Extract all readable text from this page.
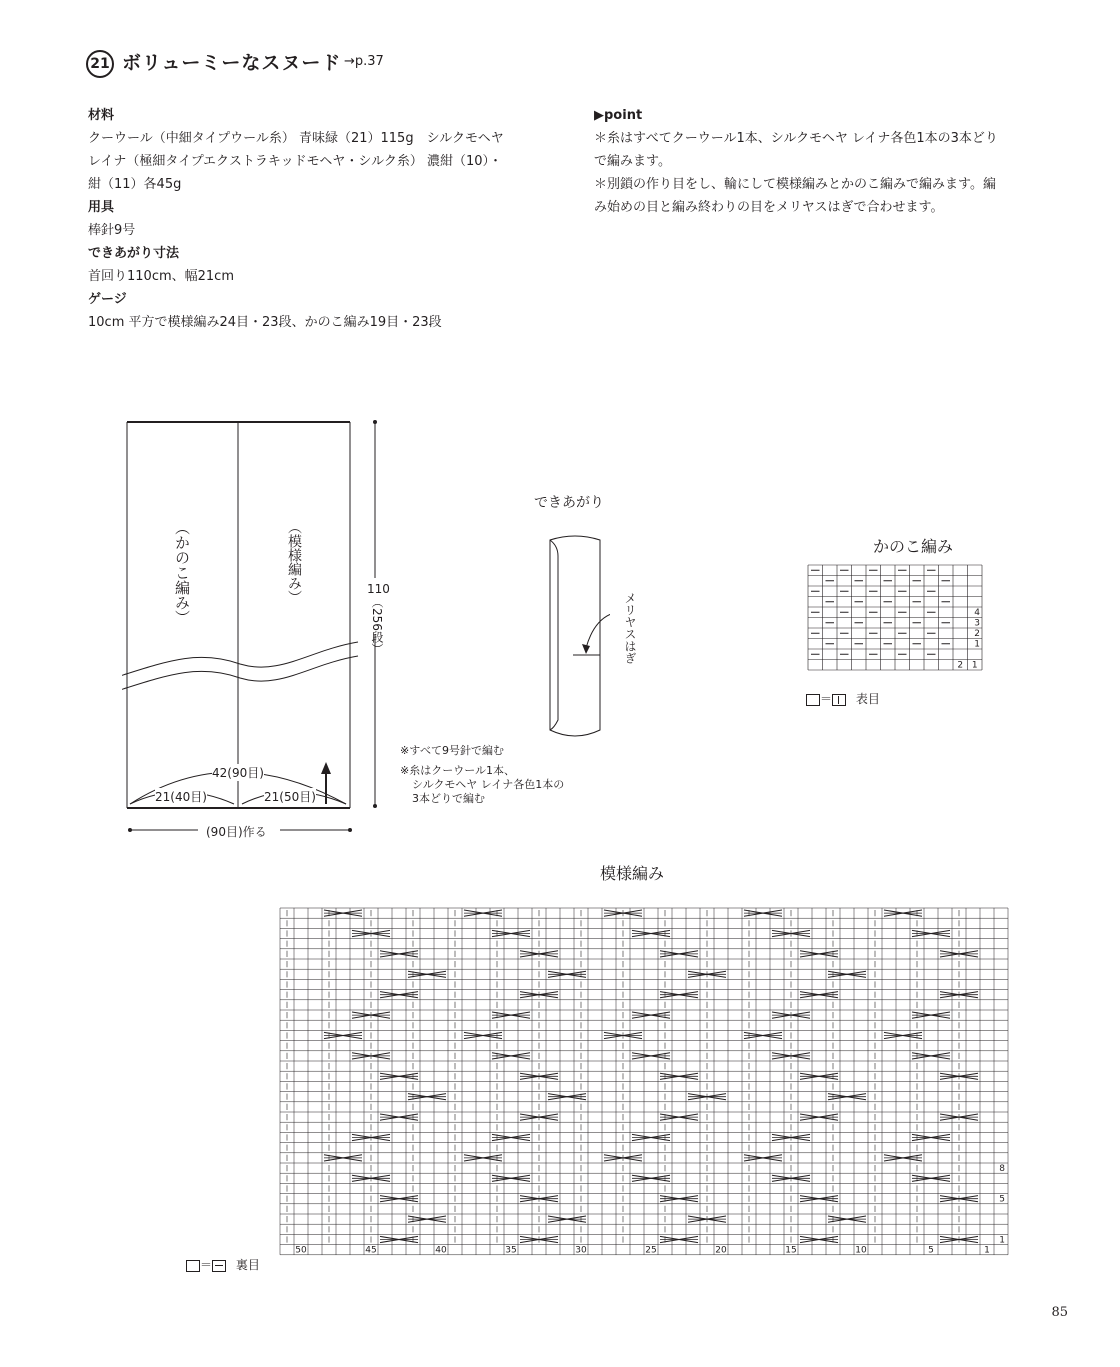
21 ボリューミーなスヌード →p.37
材料
クーウール（中細タイプウール糸） 青味緑（21）115g　シルクモヘヤ
レイナ（極細タイプエクストラキッドモヘヤ・シルク糸） 濃紺（10）・
紺（11）各45g
用具
棒針9号
できあがり寸法
首回り110cm、幅21cm
ゲージ
10cm 平方で模様編み24目・23段、かのこ編み19目・23段
▶point
＊糸はすべてクーウール1本、シルクモヘヤ レイナ各色1本の3本どり
で編みます。
＊別鎖の作り目をし、輪にして模様編みとかのこ編みで編みます。編
み始めの目と編み終わりの目をメリヤスはぎで合わせます。
（かのこ編み）	（模様編み）	110
（256段）
42(90目)
21(40目)	21(50目)
(90目)作る
※すべて9号針で編む
※糸はクーウール1本、
シルクモヘヤ レイナ各色1本の
3本どりで編む
できあがり
メリヤスはぎ
かのこ編み
4
3
2
1
2 1
＝ 表目
模様編み
8
5
1
50	45	40	35	30	25	20	15	10	5	1
＝ 裏目
85
